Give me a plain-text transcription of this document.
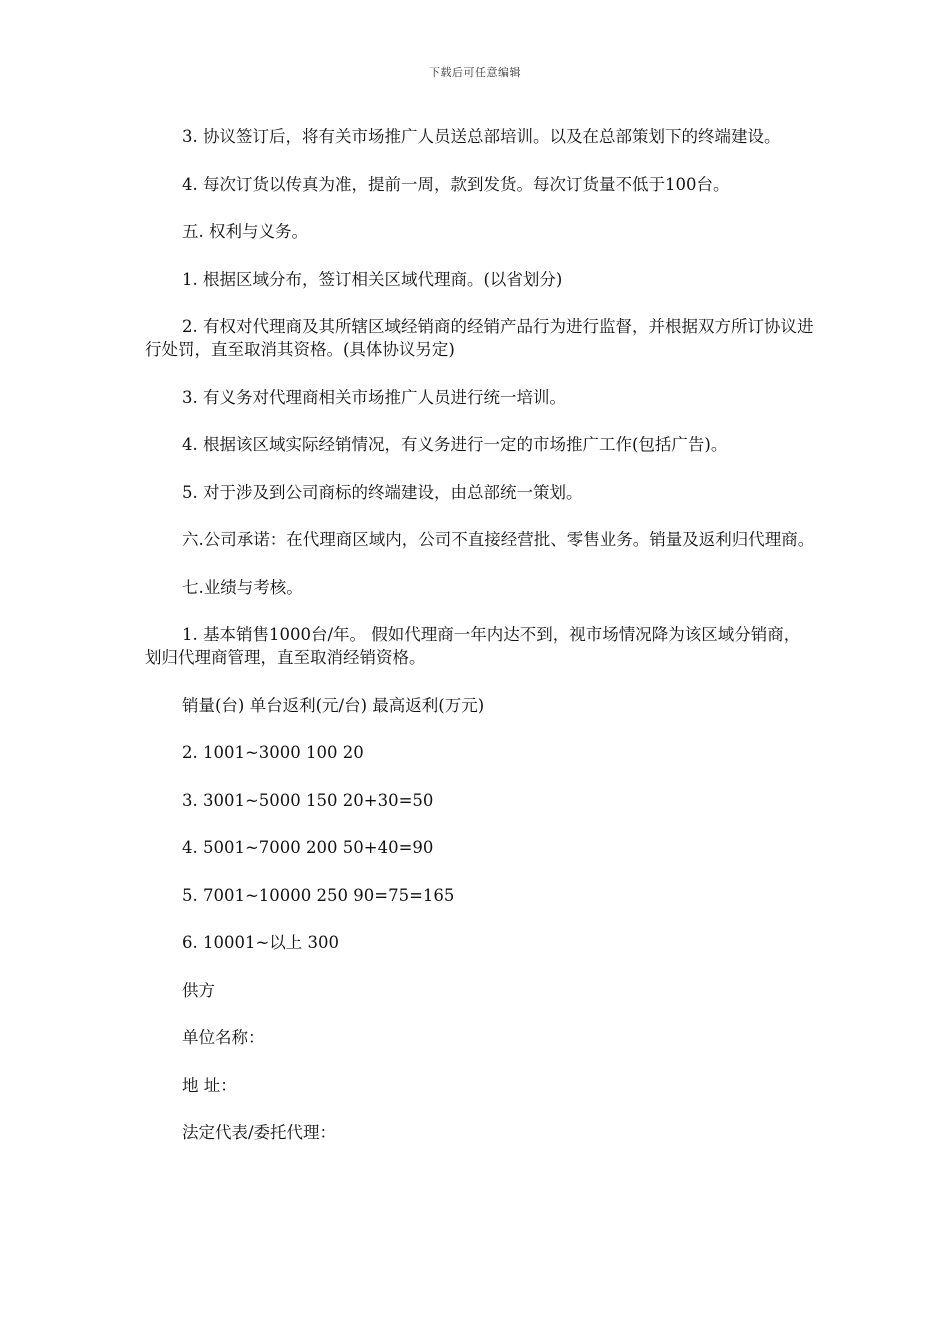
下载后可任意编辑

3. 协议签订后，将有关市场推广人员送总部培训。以及在总部策划下的终端建设。

4. 每次订货以传真为准，提前一周，款到发货。每次订货量不低于100台。

五. 权利与义务。

1. 根据区域分布，签订相关区域代理商。(以省划分)

2. 有权对代理商及其所辖区域经销商的经销产品行为进行监督，并根据双方所订协议进行处罚，直至取消其资格。(具体协议另定)

3. 有义务对代理商相关市场推广人员进行统一培训。

4. 根据该区域实际经销情况，有义务进行一定的市场推广工作(包括广告)。

5. 对于涉及到公司商标的终端建设，由总部统一策划。

六.公司承诺：在代理商区域内，公司不直接经营批、零售业务。销量及返利归代理商。

七.业绩与考核。

1. 基本销售1000台/年。 假如代理商一年内达不到，视市场情况降为该区域分销商，划归代理商管理，直至取消经销资格。

销量(台) 单台返利(元/台) 最高返利(万元)

2. 1001~3000 100 20

3. 3001~5000 150 20+30=50

4. 5001~7000 200 50+40=90

5. 7001~10000 250 90=75=165

6. 10001~以上 300

供方

单位名称：

地 址：

法定代表/委托代理：
